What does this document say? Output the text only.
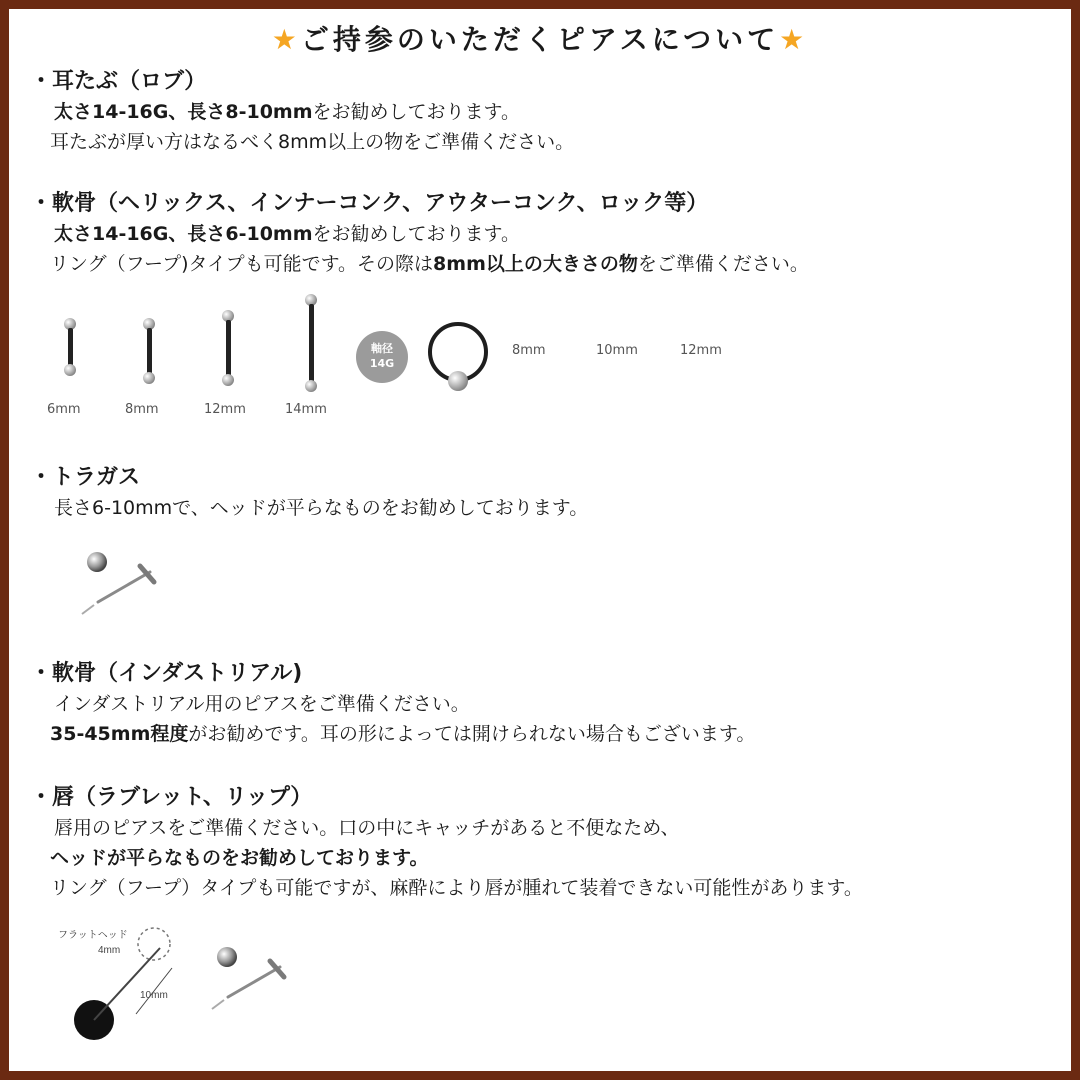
★ご持参のいただくピアスについて★
・耳たぶ（ロブ）
太さ14-16G、長さ8-10mmをお勧めしております。
耳たぶが厚い方はなるべく8mm以上の物をご準備ください。
・軟骨（ヘリックス、インナーコンク、アウターコンク、ロック等）
太さ14-16G、長さ6-10mmをお勧めしております。
リング（フープ)タイプも可能です。その際は8mm以上の大きさの物をご準備ください。
6mm	8mm	12mm	14mm
軸径
14G
8mm	10mm	12mm
・トラガス
長さ6-10mmで、ヘッドが平らなものをお勧めしております。
・軟骨（インダストリアル)
インダストリアル用のピアスをご準備ください。
35-45mm程度がお勧めです。耳の形によっては開けられない場合もございます。
・唇（ラブレット、リップ）
唇用のピアスをご準備ください。口の中にキャッチがあると不便なため、
ヘッドが平らなものをお勧めしております。
リング（フープ）タイプも可能ですが、麻酔により唇が腫れて装着できない可能性があります。
フラットヘッド
4mm
10mm
